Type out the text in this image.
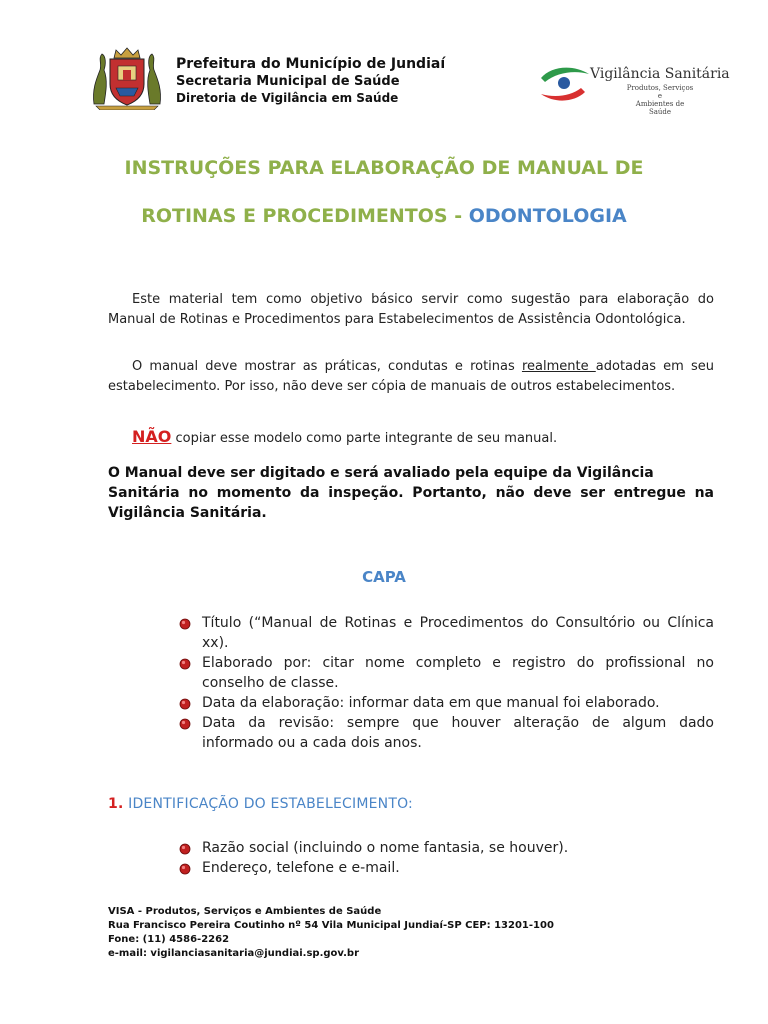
Prefeitura do Município de Jundiaí
Secretaria Municipal de Saúde
Diretoria de Vigilância em Saúde
Vigilância Sanitária
Produtos, Serviços e
Ambientes de Saúde
INSTRUÇÕES PARA ELABORAÇÃO DE MANUAL DE
ROTINAS E PROCEDIMENTOS - ODONTOLOGIA
Este material tem como objetivo básico servir como sugestão para elaboração do Manual de Rotinas e Procedimentos para Estabelecimentos de Assistência Odontológica.
O manual deve mostrar as práticas, condutas e rotinas realmente adotadas em seu estabelecimento. Por isso, não deve ser cópia de manuais de outros estabelecimentos.
NÃO copiar esse modelo como parte integrante de seu manual.
O Manual deve ser digitado e será avaliado pela equipe da Vigilância
Sanitária no momento da inspeção. Portanto, não deve ser entregue na Vigilância Sanitária.
CAPA
Título (“Manual de Rotinas e Procedimentos do Consultório ou Clínica xx).
Elaborado por: citar nome completo e registro do profissional no conselho de classe.
Data da elaboração: informar data em que manual foi elaborado.
Data da revisão: sempre que houver alteração de algum dado informado ou a cada dois anos.
1. IDENTIFICAÇÃO DO ESTABELECIMENTO:
Razão social (incluindo o nome fantasia, se houver).
Endereço, telefone e e-mail.
VISA - Produtos, Serviços e Ambientes de Saúde
Rua Francisco Pereira Coutinho nº 54 Vila Municipal Jundiaí-SP CEP: 13201-100
Fone: (11) 4586-2262
e-mail: vigilanciasanitaria@jundiai.sp.gov.br
